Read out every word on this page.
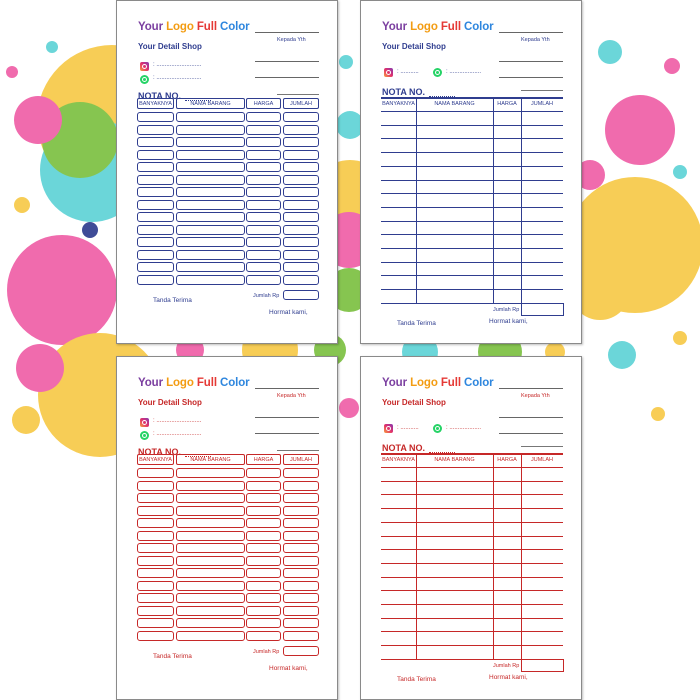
Your Logo Full Color
Your Detail Shop
Kepada Yth
: ...........................
: ...........................
NOTA NO.
BANYAKNYA	NAMA BARANG	HARGA	JUMLAH
Jumlah Rp
Tanda Terima
Hormat kami,
Your Logo Full Color
Your Detail Shop
Kepada Yth
: ...........	: ...................
NOTA NO.
BANYAKNYA	NAMA BARANG	HARGA	JUMLAH
Jumlah Rp
Tanda Terima	Hormat kami,
Your Logo Full Color
Your Detail Shop
Kepada Yth
: ...........................
: ...........................
NOTA NO.
BANYAKNYA	NAMA BARANG	HARGA	JUMLAH
Jumlah Rp
Tanda Terima
Hormat kami,
Your Logo Full Color
Your Detail Shop
Kepada Yth
: ...........	: ...................
NOTA NO.
BANYAKNYA	NAMA BARANG	HARGA	JUMLAH
Jumlah Rp
Tanda Terima	Hormat kami,
